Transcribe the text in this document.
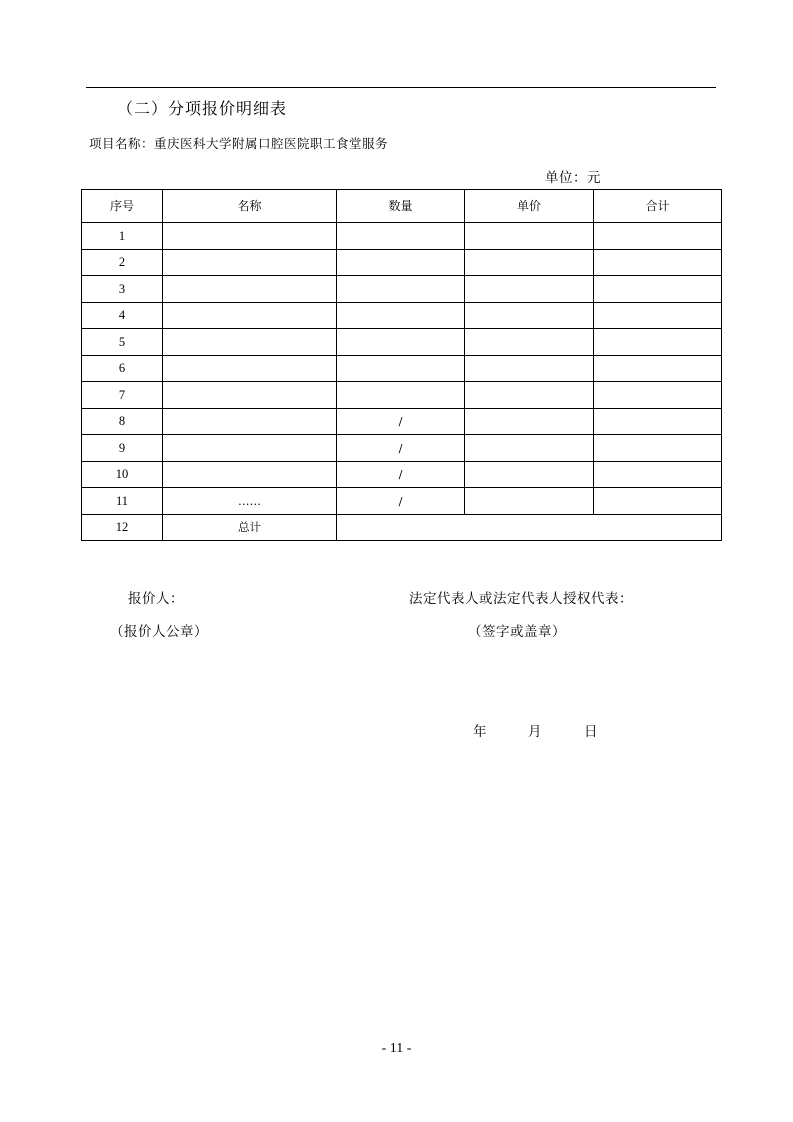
（二）分项报价明细表
项目名称：重庆医科大学附属口腔医院职工食堂服务
单位：元
序号	名称	数量	单价	合计
1				
2				
3				
4				
5				
6				
7				
8		/		
9		/		
10		/		
11	……	/		
12	总计			
报价人：	法定代表人或法定代表人授权代表：
（报价人公章）	（签字或盖章）
年	月	日
- 11 -
